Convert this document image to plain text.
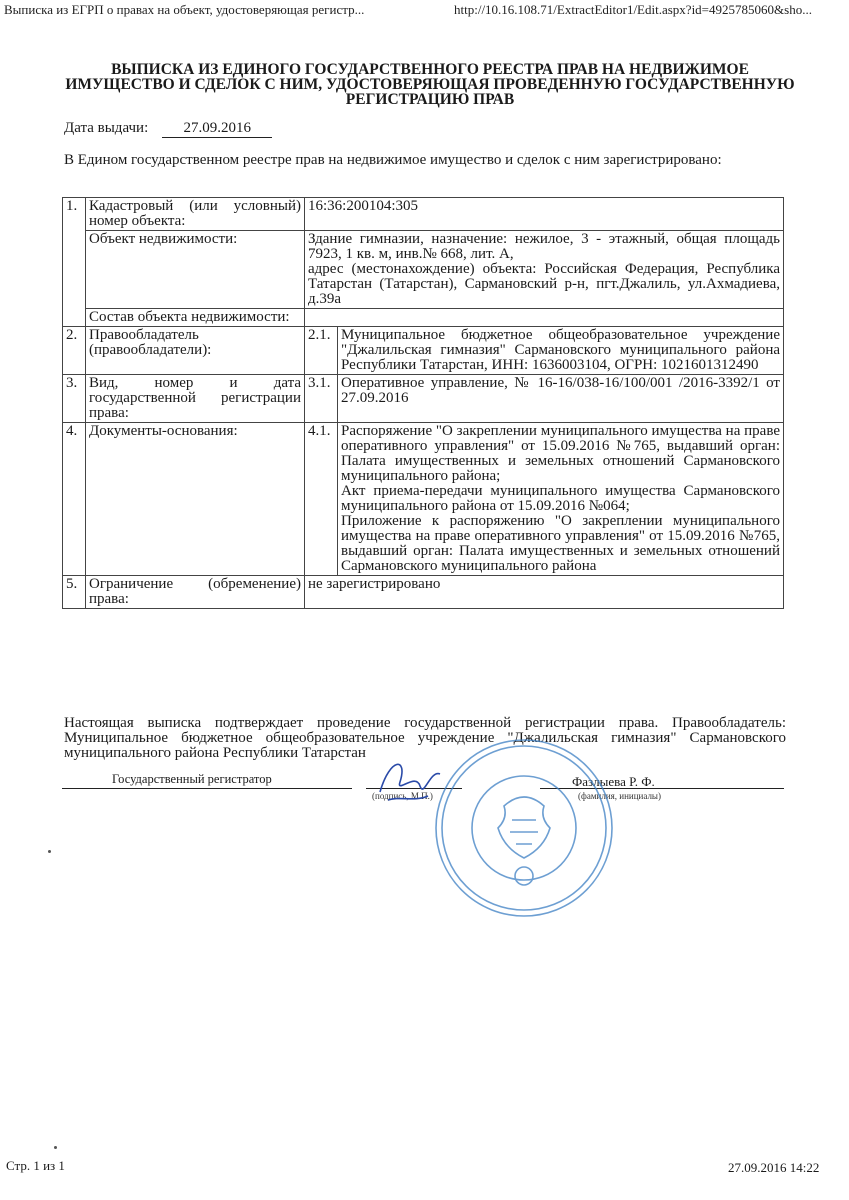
Выписка из ЕГРП о правах на объект, удостоверяющая регистр...	http://10.16.108.71/ExtractEditor1/Edit.aspx?id=4925785060&sho...
ВЫПИСКА ИЗ ЕДИНОГО ГОСУДАРСТВЕННОГО РЕЕСТРА ПРАВ НА НЕДВИЖИМОЕ ИМУЩЕСТВО И СДЕЛОК С НИМ, УДОСТОВЕРЯЮЩАЯ ПРОВЕДЕННУЮ ГОСУДАРСТВЕННУЮ РЕГИСТРАЦИЮ ПРАВ
Дата выдачи: 27.09.2016
В Едином государственном реестре прав на недвижимое имущество и сделок с ним зарегистрировано:
1.	Кадастровый (или условный) номер объекта:	16:36:200104:305	
	Объект недвижимости:	Здание гимназии, назначение: нежилое, 3 - этажный, общая площадь 7923, 1 кв. м, инв.№ 668, лит. А,
адрес (местонахождение) объекта: Российская Федерация, Республика Татарстан (Татарстан), Сармановский р-н, пгт.Джалиль, ул.Ахмадиева, д.39а	

	Состав объекта недвижимости:		
2.	Правообладатель (правообладатели):	2.1.	Муниципальное бюджетное общеобразовательное учреждение "Джалильская гимназия" Сармановского муниципального района Республики Татарстан, ИНН: 1636003104, ОГРН: 1021601312490
3.	Вид, номер и дата государственной регистрации права:	3.1.	Оперативное управление, № 16-16/038-16/100/001 /2016-3392/1 от 27.09.2016
4.	Документы-основания:	4.1.	Распоряжение "О закреплении муниципального имущества на праве оперативного управления" от 15.09.2016 №765, выдавший орган: Палата имущественных и земельных отношений Сармановского муниципального района;
Акт приема-передачи муниципального имущества Сармановского муниципального района от 15.09.2016 №064;
Приложение к распоряжению "О закреплении муниципального имущества на праве оперативного управления" от 15.09.2016 №765, выдавший орган: Палата имущественных и земельных отношений Сармановского муниципального района

5.	Ограничение (обременение) права:	не зарегистрировано	
Настоящая выписка подтверждает проведение государственной регистрации права. Правообладатель: Муниципальное бюджетное общеобразовательное учреждение "Джалильская гимназия" Сармановского муниципального района Республики Татарстан
Государственный регистратор
(подпись, М.П.)
Фазлыева Р. Ф.
(фамилия, инициалы)
Стр. 1 из 1	27.09.2016 14:22
